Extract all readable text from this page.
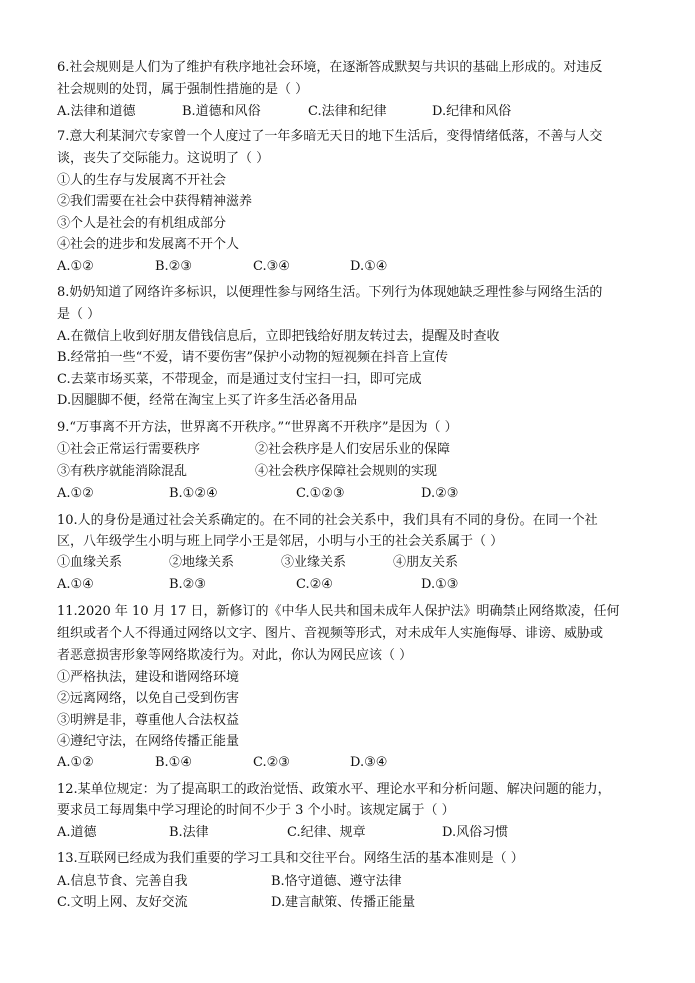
6.社会规则是人们为了维护有秩序地社会环境，在逐渐答成默契与共识的基础上形成的。对违反
社会规则的处罚，属于强制性措施的是（ ）
A.法律和道德	B.道德和风俗	C.法律和纪律	D.纪律和风俗
7.意大利某洞穴专家曾一个人度过了一年多暗无天日的地下生活后，变得情绪低落，不善与人交
谈，丧失了交际能力。这说明了（ ）
①人的生存与发展离不开社会
②我们需要在社会中获得精神滋养
③个人是社会的有机组成部分
④社会的进步和发展离不开个人
A.①②	B.②③	C.③④	D.①④
8.奶奶知道了网络许多标识，以便理性参与网络生活。下列行为体现她缺乏理性参与网络生活的
是（ ）
A.在微信上收到好朋友借钱信息后，立即把钱给好朋友转过去，提醒及时查收
B.经常拍一些“不爱，请不要伤害”保护小动物的短视频在抖音上宣传
C.去菜市场买菜，不带现金，而是通过支付宝扫一扫，即可完成
D.因腿脚不便，经常在淘宝上买了许多生活必备用品
9.“万事离不开方法，世界离不开秩序。”“世界离不开秩序”是因为（ ）
①社会正常运行需要秩序	②社会秩序是人们安居乐业的保障
③有秩序就能消除混乱	④社会秩序保障社会规则的实现
A.①②	B.①②④	C.①②③	D.②③
10.人的身份是通过社会关系确定的。在不同的社会关系中，我们具有不同的身份。在同一个社
区，八年级学生小明与班上同学小王是邻居，小明与小王的社会关系属于（ ）
①血缘关系	②地缘关系	③业缘关系	④朋友关系
A.①④	B.②③	C.②④	D.①③
11.2020 年 10 月 17 日，新修订的《中华人民共和国未成年人保护法》明确禁止网络欺凌，任何
组织或者个人不得通过网络以文字、图片、音视频等形式，对未成年人实施侮辱、诽谤、威胁或
者恶意损害形象等网络欺凌行为。对此，你认为网民应该（ ）
①严格执法，建设和谐网络环境
②远离网络，以免自己受到伤害
③明辨是非，尊重他人合法权益
④遵纪守法，在网络传播正能量
A.①②	B.①④	C.②③	D.③④
12.某单位规定：为了提高职工的政治觉悟、政策水平、理论水平和分析问题、解决问题的能力，
要求员工每周集中学习理论的时间不少于 3 个小时。该规定属于（ ）
A.道德	B.法律	C.纪律、规章	D.风俗习惯
13.互联网已经成为我们重要的学习工具和交往平台。网络生活的基本准则是（ ）
A.信息节食、完善自我	B.恪守道德、遵守法律
C.文明上网、友好交流	D.建言献策、传播正能量
